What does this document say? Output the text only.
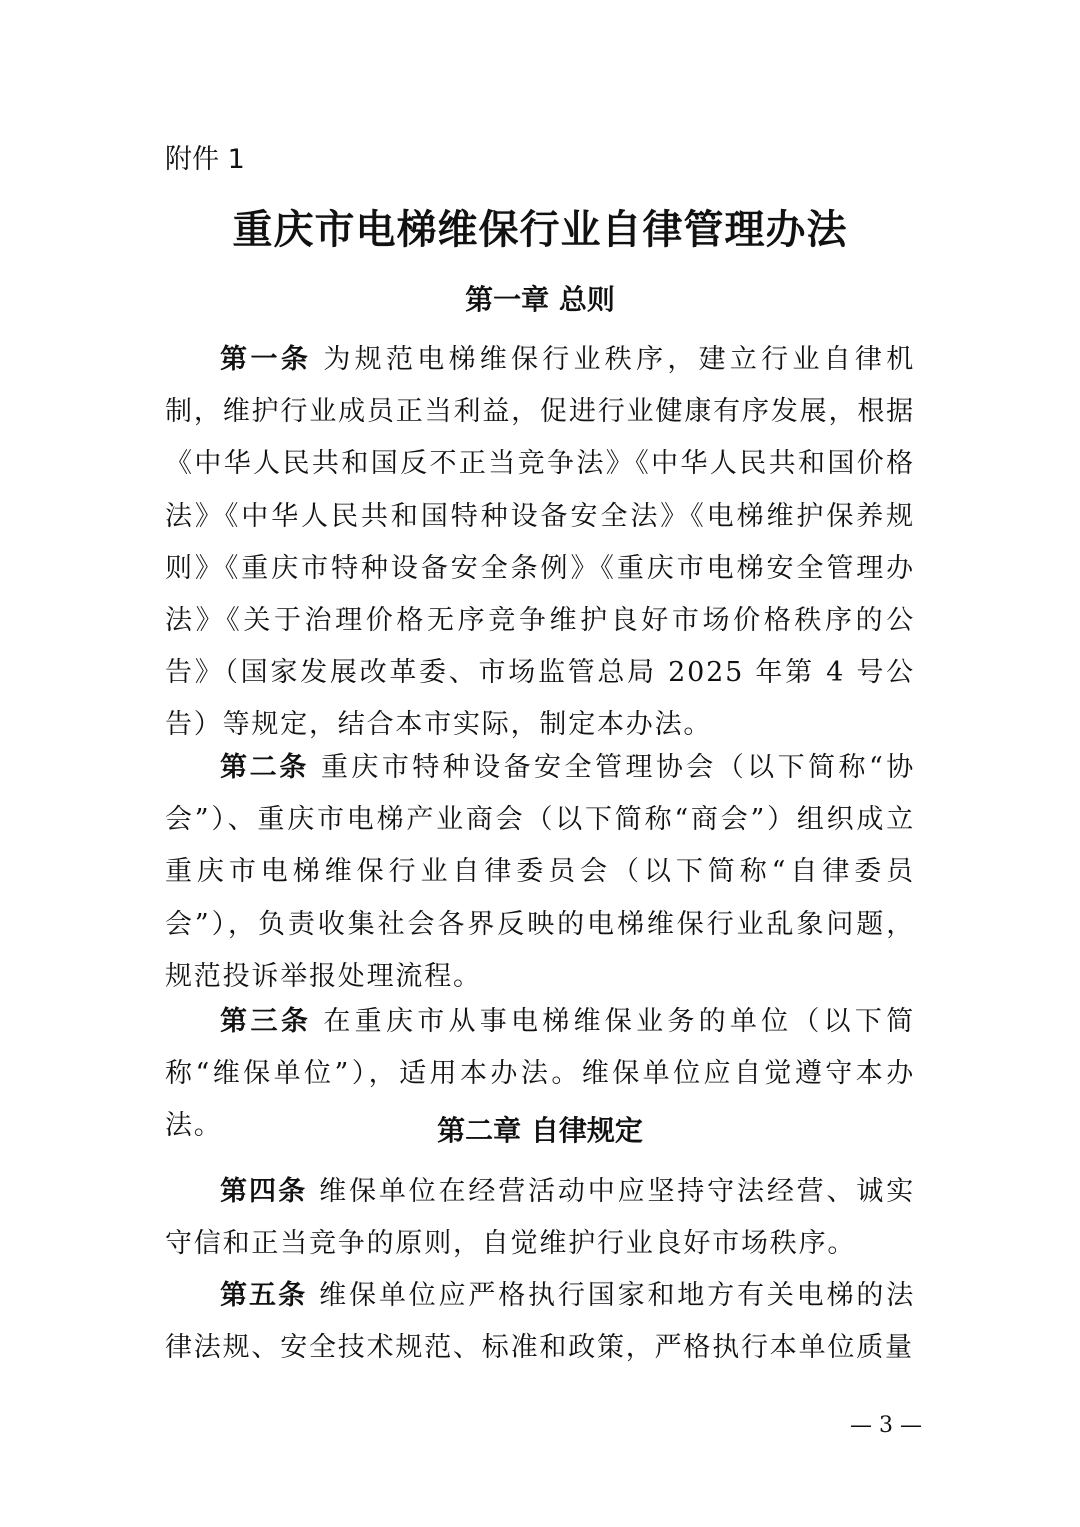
附件 1
重庆市电梯维保行业自律管理办法
第一章 总则

第一条 为规范电梯维保行业秩序，建立行业自律机制，维护行业成员正当利益，促进行业健康有序发展，根据《中华人民共和国反不正当竞争法》《中华人民共和国价格法》《中华人民共和国特种设备安全法》《电梯维护保养规则》《重庆市特种设备安全条例》《重庆市电梯安全管理办法》《关于治理价格无序竞争维护良好市场价格秩序的公告》（国家发展改革委、市场监管总局 2025 年第 4 号公告）等规定，结合本市实际，制定本办法。

第二条 重庆市特种设备安全管理协会（以下简称“协会”）、重庆市电梯产业商会（以下简称“商会”）组织成立重庆市电梯维保行业自律委员会（以下简称“自律委员会”），负责收集社会各界反映的电梯维保行业乱象问题，规范投诉举报处理流程。

第三条 在重庆市从事电梯维保业务的单位（以下简称“维保单位”），适用本办法。维保单位应自觉遵守本办法。	第二章 自律规定

第四条 维保单位在经营活动中应坚持守法经营、诚实守信和正当竞争的原则，自觉维护行业良好市场秩序。

第五条 维保单位应严格执行国家和地方有关电梯的法律法规、安全技术规范、标准和政策，严格执行本单位质量

— 3 —
